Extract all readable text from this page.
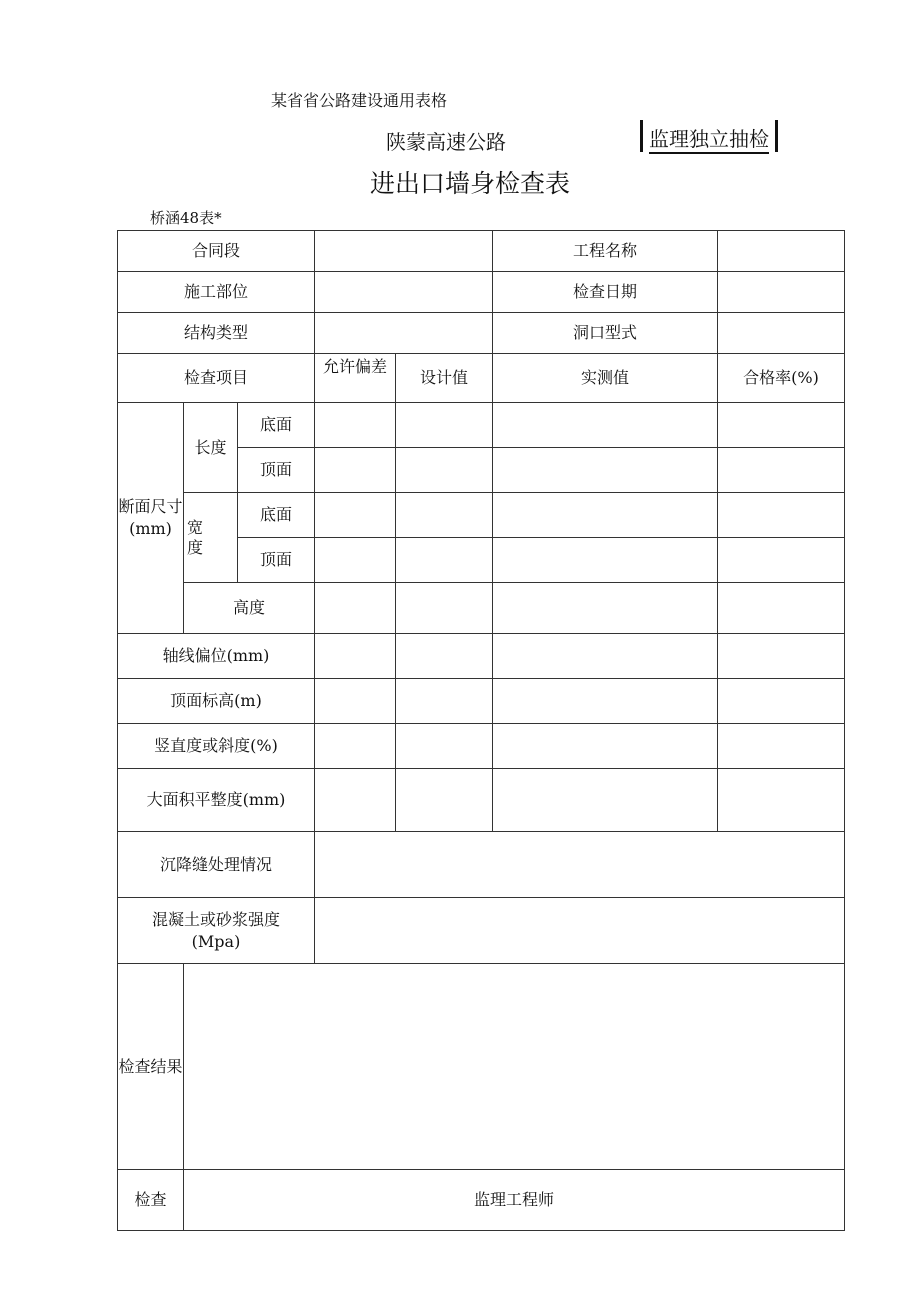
某省省公路建设通用表格
陕蒙高速公路	监理独立抽检
进出口墙身检查表
桥涵48表*
合同段					工程名称	
施工部位					检查日期	
结构类型					洞口型式	
检查项目			允许偏差	设计值	实测值	合格率(%)
断面尺寸(mm)	长度	底面				
		顶面				

	宽度	底面				
		顶面				
	高度					
轴线偏位(mm)						
顶面标高(m)						
竖直度或斜度(%)						
大面积平整度(mm)						
沉降缝处理情况						
混凝土或砂浆强度(Mpa)						
检查结果						
检查	监理工程师					
